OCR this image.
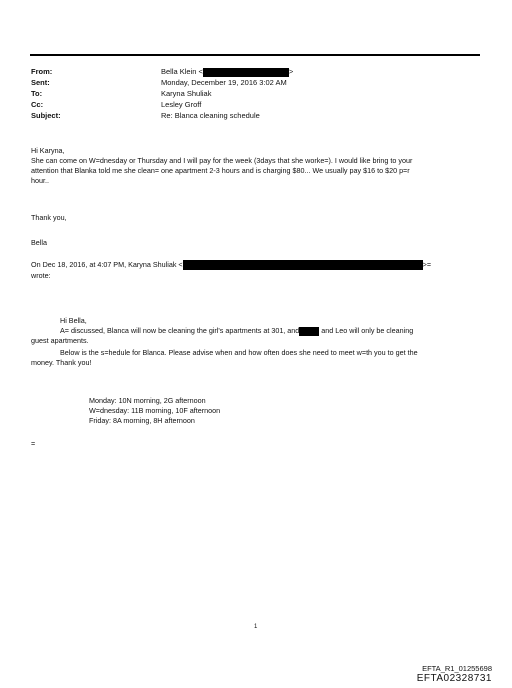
From:	Bella Klein <	>
Sent:	Monday, December 19, 2016 3:02 AM
To:	Karyna Shuliak
Cc:	Lesley Groff
Subject:	Re: Blanca cleaning schedule
Hi Karyna,
She can come on W=dnesday or Thursday and I will pay for the week (3days that she worke=). I would like bring to your
attention that Blanka told me she clean= one apartment 2-3 hours and is charging $80... We usually pay $16 to $20 p=r
hour..
Thank you,
Bella
On Dec 18, 2016, at 4:07 PM, Karyna Shuliak <	>=
wrote:
Hi Bella,
A= discussed, Blanca will now be cleaning the girl's apartments at 301, and	and Leo will only be cleaning
guest apartments.
Below is the s=hedule for Blanca. Please advise when and how often does she need to meet w=th you to get the
money. Thank you!
Monday: 10N morning, 2G afternoon
W=dnesday: 11B morning, 10F afternoon
Friday: 8A morning, 8H afternoon
=
1
EFTA_R1_01255698
EFTA02328731
